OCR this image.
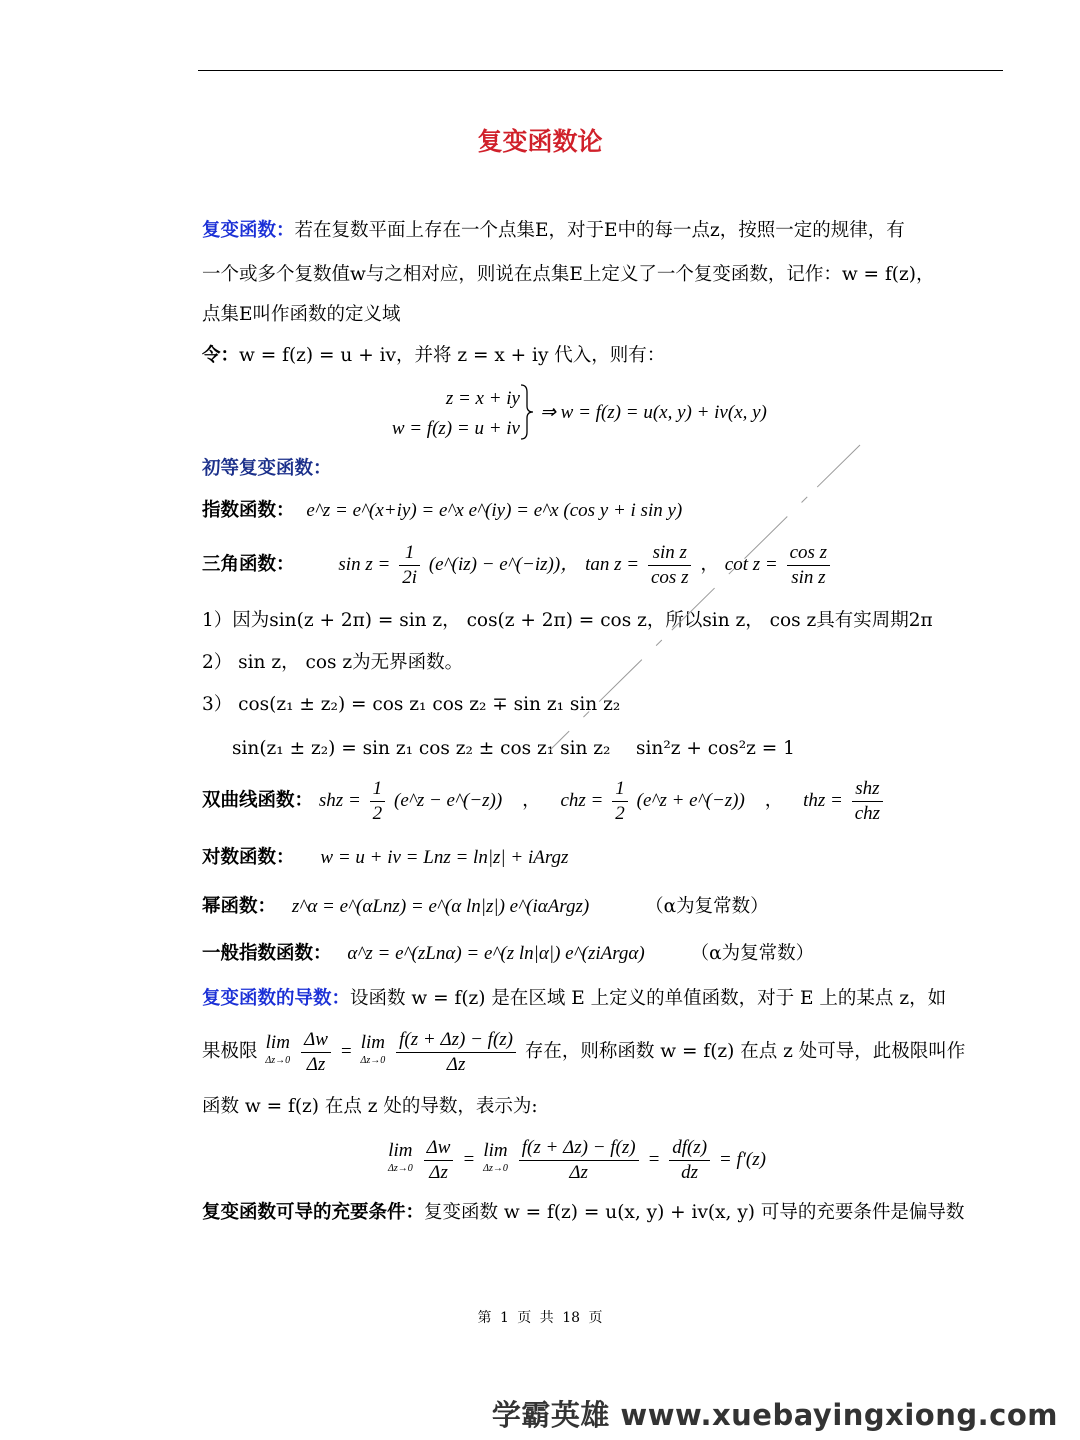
复变函数论
复变函数：若在复数平面上存在一个点集E，对于E中的每一点z，按照一定的规律，有
一个或多个复数值w与之相对应，则说在点集E上定义了一个复变函数，记作：w = f(z)，
点集E叫作函数的定义域
令：w = f(z) = u + iv，并将 z = x + iy 代入，则有：
z = x + iy
w = f(z) = u + iv
⇒ w = f(z) = u(x, y) + iv(x, y)
初等复变函数：
指数函数： e^z = e^(x+iy) = e^x e^(iy) = e^x (cos y + i sin y)
三角函数： $\sin z = \frac{1}{2i}$ (e^(iz) − e^(−iz))， $\tan z = \frac{\text{sin z}}{\text{cos z}}$ ， $\cot z = \frac{\text{cos z}}{\text{sin z}}$
1）因为sin(z + 2π) = sin z， cos(z + 2π) = cos z，所以sin z， cos z具有实周期2π
2） sin z， cos z为无界函数。
3） cos(z₁ ± z₂) = cos z₁ cos z₂ ∓ sin z₁ sin z₂
sin(z₁ ± z₂) = sin z₁ cos z₂ ± cos z₁ sin z₂ sin²z + cos²z = 1
双曲线函数： shz = $\frac{1}{2}$ (e^z − e^(−z)) ， chz = $\frac{1}{2}$ (e^z + e^(−z)) ， thz = $\frac{\text{shz}}{\text{chz}}$
对数函数： w = u + iv = Lnz = ln|z| + iArgz
幂函数： z^α = e^(αLnz) = e^(α ln|z|) e^(iαArgz)	（α为复常数）
一般指数函数： α^z = e^(zLnα) = e^(z ln|α|) e^(ziArgα) （α为复常数）
复变函数的导数：设函数 w = f(z) 是在区域 E 上定义的单值函数，对于 E 上的某点 z，如
果极限 lim
Δz→0
$\frac{\Delta w}{\Delta z} = \lim$
Δz→0
$\frac{f(z + \Delta z) - f(z)}{\Delta z}$ 存在，则称函数 w = f(z) 在点 z 处可导，此极限叫作
函数 w = f(z) 在点 z 处的导数，表示为:
lim
Δz→0
$\frac{\Delta w}{\Delta z} = \lim$
Δz→0
$\frac{f(z + \Delta z) - f(z)}{\Delta z} = \frac{df(z)}{dz} = f'(z)$
复变函数可导的充要条件：复变函数 w = f(z) = u(x, y) + iv(x, y) 可导的充要条件是偏导数
第 1 页 共 18 页
学霸英雄 www.xuebayingxiong.com
